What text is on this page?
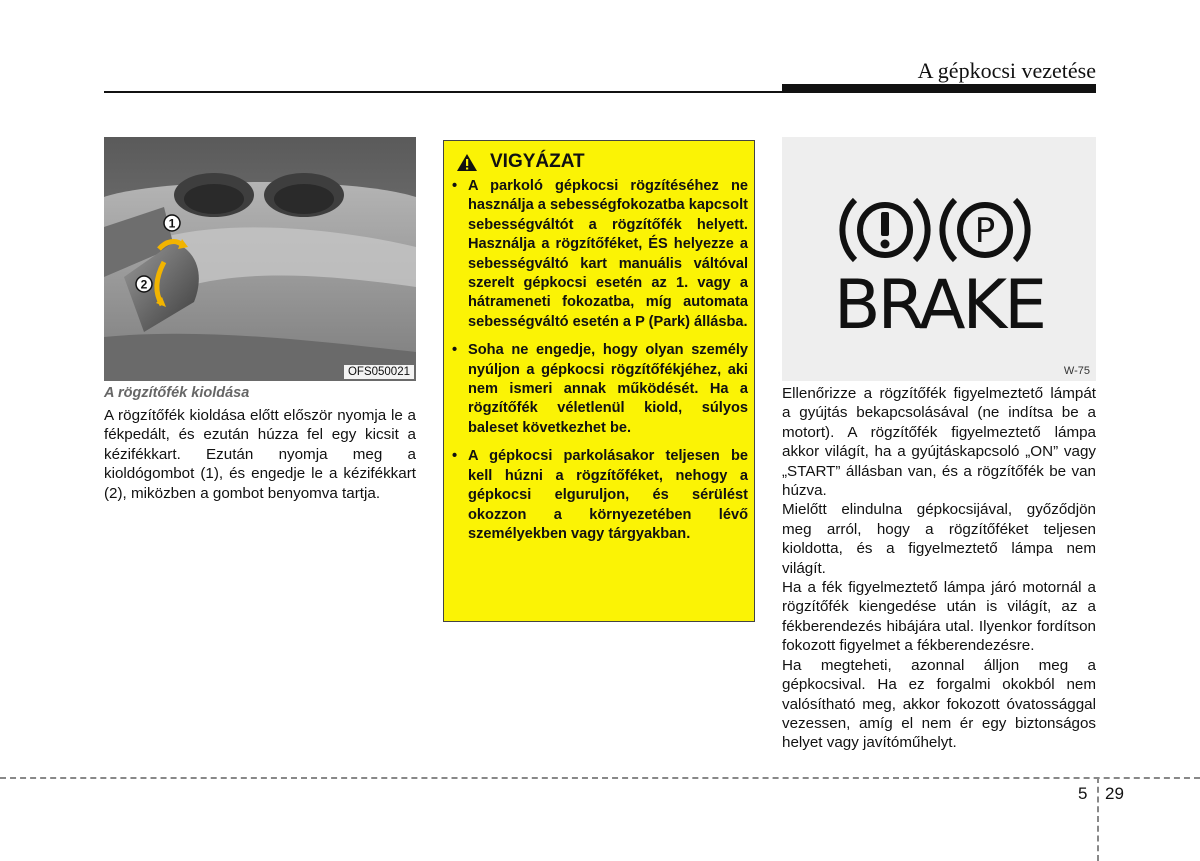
A gépkocsi vezetése
1
2
OFS050021
A rögzítőfék kioldása

A rögzítőfék kioldása előtt először nyomja le a fékpedált, és ezután húzza fel egy kicsit a kézifékkart. Ezután nyomja meg a kioldógombot (1), és engedje le a kézifékkart (2), miközben a gombot benyomva tartja.

VIGYÁZAT
• A parkoló gépkocsi rögzítéséhez ne használja a sebességfokozatba kapcsolt sebességváltót a rögzítőfék helyett. Használja a rögzítőféket, ÉS helyezze a sebességváltó kart manuális váltóval szerelt gépkocsi esetén az 1. vagy a hátrameneti fokozatba, míg automata sebességváltó esetén a P (Park) állásba.
• Soha ne engedje, hogy olyan személy nyúljon a gépkocsi rögzítőfékjéhez, aki nem ismeri annak működését. Ha a rögzítőfék véletlenül kiold, súlyos baleset következhet be.
• A gépkocsi parkolásakor teljesen be kell húzni a rögzítőféket, nehogy a gépkocsi elguruljon, és sérülést okozzon a környezetében lévő személyekben vagy tárgyakban.
P
BRAKE
W-75

Ellenőrizze a rögzítőfék figyelmeztető lámpát a gyújtás bekapcsolásával (ne indítsa be a motort). A rögzítőfék figyelmeztető lámpa akkor világít, ha a gyújtáskapcsoló „ON” vagy „START” állásban van, és a rögzítőfék be van húzva.

Mielőtt elindulna gépkocsijával, győződjön meg arról, hogy a rögzítőféket teljesen kioldotta, és a figyelmeztető lámpa nem világít.

Ha a fék figyelmeztető lámpa járó motornál a rögzítőfék kiengedése után is világít, az a fékberendezés hibájára utal. Ilyenkor fordítson fokozott figyelmet a fékberendezésre.

Ha megteheti, azonnal álljon meg a gépkocsival. Ha ez forgalmi okokból nem valósítható meg, akkor fokozott óvatossággal vezessen, amíg el nem ér egy biztonságos helyet vagy javítóműhelyt.

5 29
